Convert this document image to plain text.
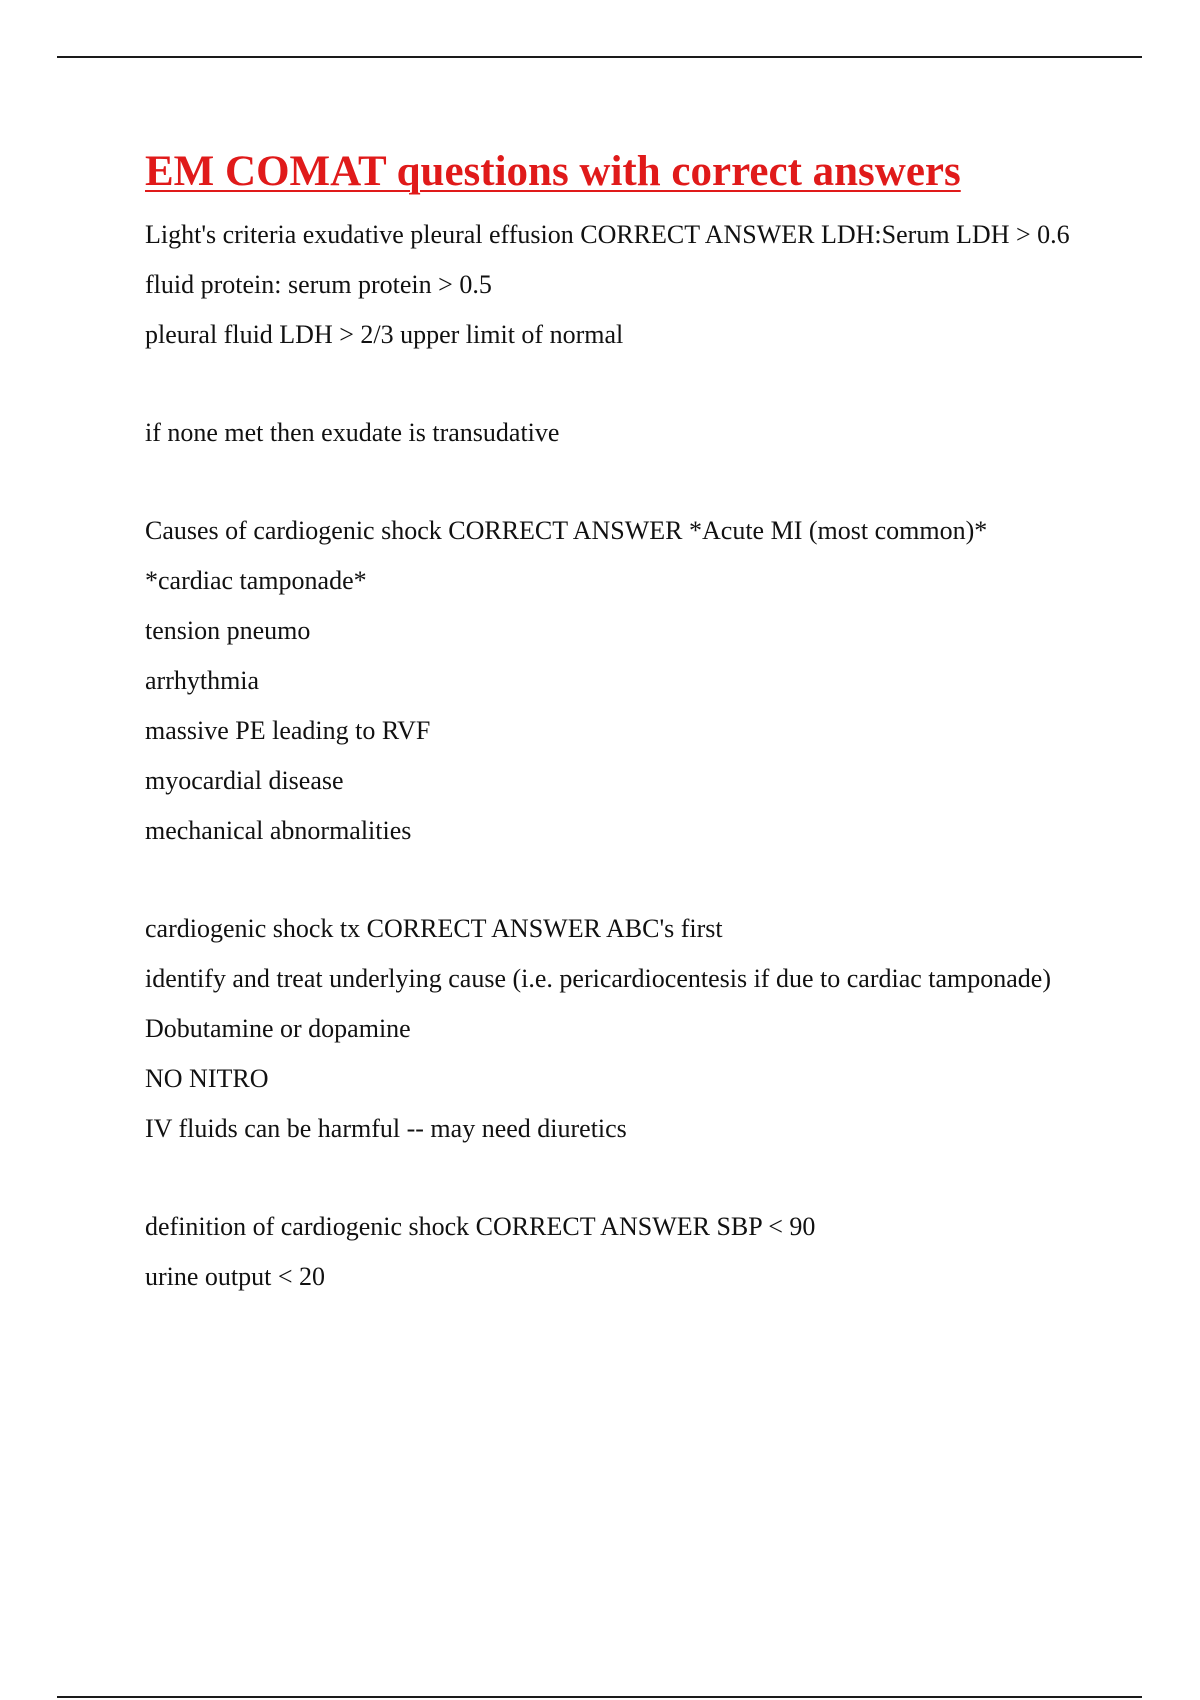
EM COMAT questions with correct answers

Light's criteria exudative pleural effusion CORRECT ANSWER LDH:Serum LDH > 0.6

fluid protein: serum protein > 0.5

pleural fluid LDH > 2/3 upper limit of normal

if none met then exudate is transudative

Causes of cardiogenic shock CORRECT ANSWER *Acute MI (most common)*

*cardiac tamponade*

tension pneumo

arrhythmia

massive PE leading to RVF

myocardial disease

mechanical abnormalities

cardiogenic shock tx CORRECT ANSWER ABC's first

identify and treat underlying cause (i.e. pericardiocentesis if due to cardiac tamponade)

Dobutamine or dopamine

NO NITRO

IV fluids can be harmful -- may need diuretics

definition of cardiogenic shock CORRECT ANSWER SBP < 90

urine output < 20
